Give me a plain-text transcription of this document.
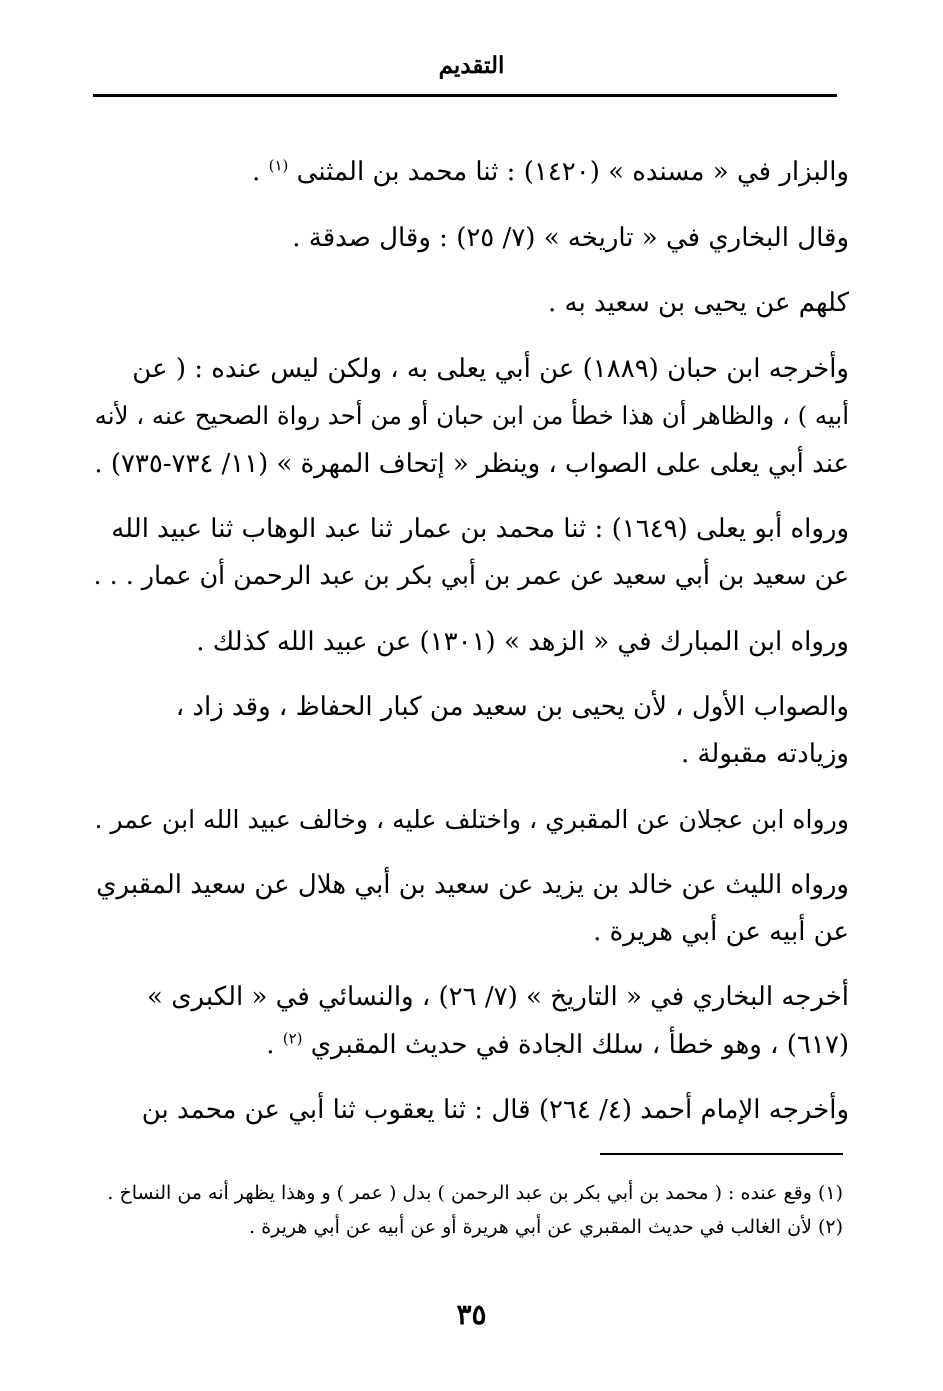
التقديم
والبزار في « مسنده » (١٤٢٠) : ثنا محمد بن المثنى $^{(١)}$ .
وقال البخاري في « تاريخه » (٧/ ٢٥) : وقال صدقة .
كلهم عن يحيى بن سعيد به .
وأخرجه ابن حبان (١٨٨٩) عن أبي يعلى به ، ولكن ليس عنده : ( عن
أبيه ) ، والظاهر أن هذا خطأ من ابن حبان أو من أحد رواة الصحيح عنه ، لأنه
عند أبي يعلى على الصواب ، وينظر « إتحاف المهرة » (١١/ ٧٣٤-٧٣٥) .
ورواه أبو يعلى (١٦٤٩) : ثنا محمد بن عمار ثنا عبد الوهاب ثنا عبيد الله
عن سعيد بن أبي سعيد عن عمر بن أبي بكر بن عبد الرحمن أن عمار . . .
ورواه ابن المبارك في « الزهد » (١٣٠١) عن عبيد الله كذلك .
والصواب الأول ، لأن يحيى بن سعيد من كبار الحفاظ ، وقد زاد ،
وزيادته مقبولة .
ورواه ابن عجلان عن المقبري ، واختلف عليه ، وخالف عبيد الله ابن عمر .
ورواه الليث عن خالد بن يزيد عن سعيد بن أبي هلال عن سعيد المقبري
عن أبيه عن أبي هريرة .
أخرجه البخاري في « التاريخ » (٧/ ٢٦) ، والنسائي في « الكبرى »
(٦١٧) ، وهو خطأ ، سلك الجادة في حديث المقبري $^{(٢)}$ .
وأخرجه الإمام أحمد (٤/ ٢٦٤) قال : ثنا يعقوب ثنا أبي عن محمد بن
(١) وقع عنده : ( محمد بن أبي بكر بن عبد الرحمن ) بدل ( عمر ) و وهذا يظهر أنه من النساخ .
(٢) لأن الغالب في حديث المقبري عن أبي هريرة أو عن أبيه عن أبي هريرة .
٣٥
